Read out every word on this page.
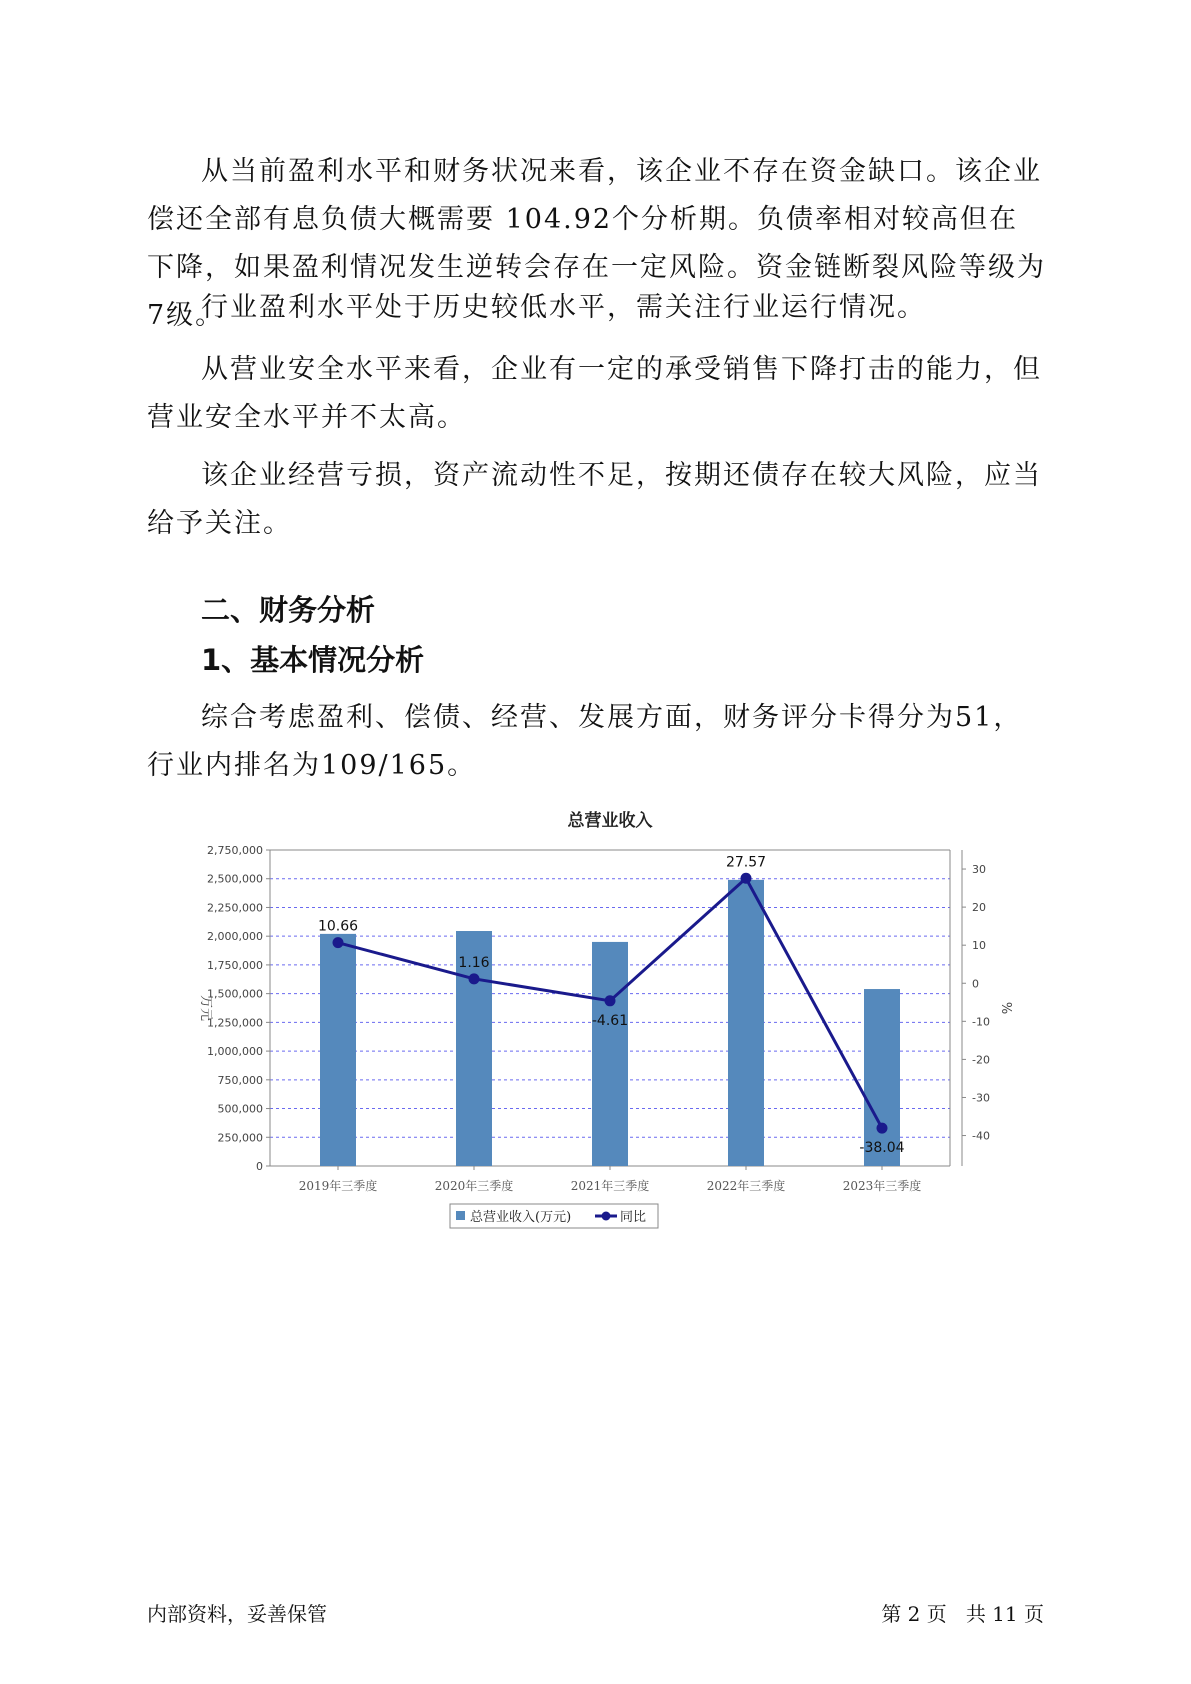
从当前盈利水平和财务状况来看，该企业不存在资金缺口。该企业偿还全部有息负债大概需要 104.92个分析期。负债率相对较高但在下降，如果盈利情况发生逆转会存在一定风险。资金链断裂风险等级为7级。

行业盈利水平处于历史较低水平，需关注行业运行情况。

从营业安全水平来看，企业有一定的承受销售下降打击的能力，但营业安全水平并不太高。

该企业经营亏损，资产流动性不足，按期还债存在较大风险，应当给予关注。

二、财务分析
1、基本情况分析

综合考虑盈利、偿债、经营、发展方面，财务评分卡得分为51，行业内排名为109/165。

总营业收入
0
250,000
500,000
750,000
1,000,000
1,250,000
1,500,000
1,750,000
2,000,000
2,250,000
2,500,000
2,750,000
30
20
10
0
-10
-20
-30
-40
万元	%
2019年三季度	2020年三季度	2021年三季度	2022年三季度	2023年三季度
10.66
1.16
-4.61
27.57
-38.04
总营业收入(万元)	同比
内部资料，妥善保管	第 2 页   共 11 页
